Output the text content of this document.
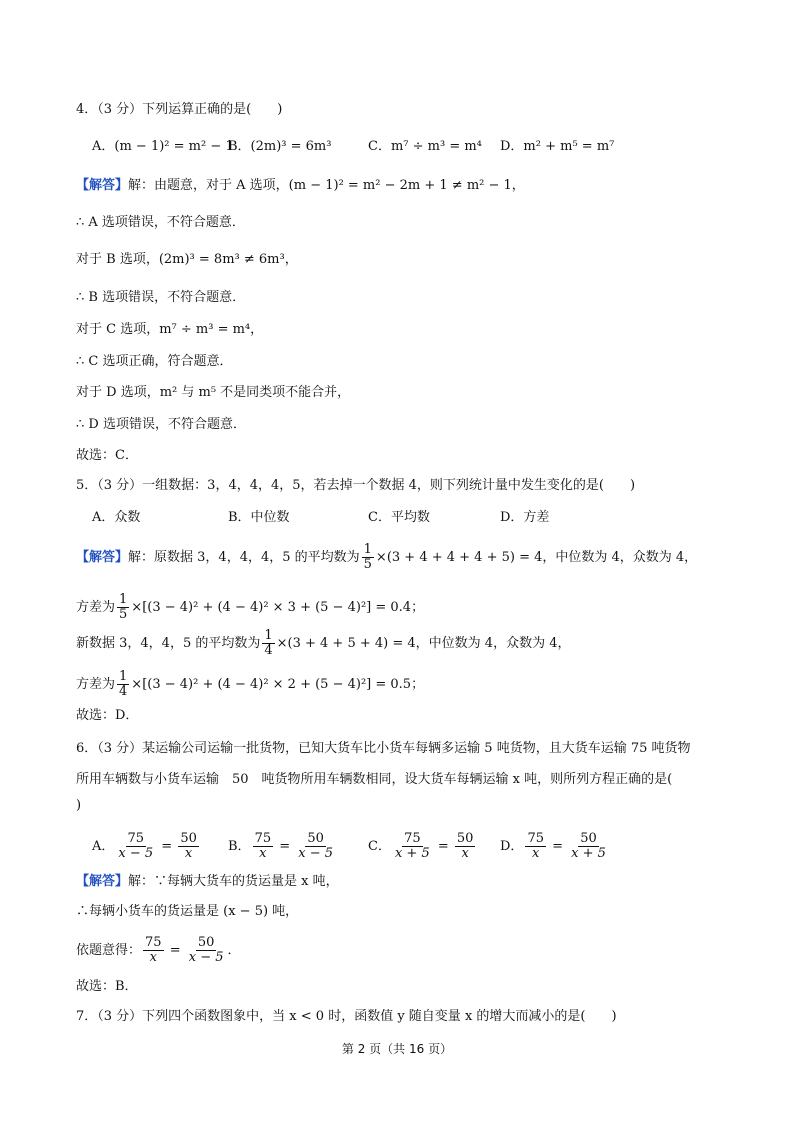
4．（3 分）下列运算正确的是(　　)
A．(m − 1)² = m² − 1
B．(2m)³ = 6m³	C．m⁷ ÷ m³ = m⁴ D．m² + m⁵ = m⁷
【解答】解：由题意，对于 A 选项，(m − 1)² = m² − 2m + 1 ≠ m² − 1，
∴ A 选项错误，不符合题意．
对于 B 选项，(2m)³ = 8m³ ≠ 6m³，
∴ B 选项错误，不符合题意．
对于 C 选项，m⁷ ÷ m³ = m⁴，
∴ C 选项正确，符合题意．
对于 D 选项，m² 与 m⁵ 不是同类项不能合并，
∴ D 选项错误，不符合题意．
故选：C．
5．（3 分）一组数据：3，4，4，4，5，若去掉一个数据 4，则下列统计量中发生变化的是(　　)
A．众数	B．中位数	C．平均数	D．方差
【解答】解：原数据 3，4，4，4，5 的平均数为 $\frac{1}{5} \times(3 + 4 + 4 + 4 + 5) = 4$，中位数为 4，众数为 4，
方差为 $\frac{1}{5} \times[(3 - 4)^2 + (4 - 4)^2 \times 3 + (5 - 4)^2] = 0.4$；
新数据 3，4，4，5 的平均数为 $\frac{1}{4} \times(3 + 4 + 5 + 4) = 4$，中位数为 4，众数为 4，
方差为 $\frac{1}{4} \times[(3 - 4)^2 + (4 - 4)^2 \times 2 + (5 - 4)^2] = 0.5$；
故选：D．
6．（3 分）某运输公司运输一批货物，已知大货车比小货车每辆多运输 5 吨货物，且大货车运输 75 吨货物
所用车辆数与小货车运输　50　吨货物所用车辆数相同，设大货车每辆运输 x 吨，则所列方程正确的是(
)
A． $\frac{75}{x - 5} = \frac{50}{x}$ B． $\frac{75}{x} = \frac{50}{x - 5}$	C． $\frac{75}{x + 5} = \frac{50}{x}$ D． $\frac{75}{x} = \frac{50}{x + 5}$
【解答】解：∵每辆大货车的货运量是 x 吨，
∴每辆小货车的货运量是 (x − 5) 吨，
依题意得： $\frac{75}{x} = \frac{50}{x - 5}$ ．
故选：B．
7．（3 分）下列四个函数图象中，当 x < 0 时，函数值 y 随自变量 x 的增大而减小的是(　　)
第 2 页（共 16 页）
